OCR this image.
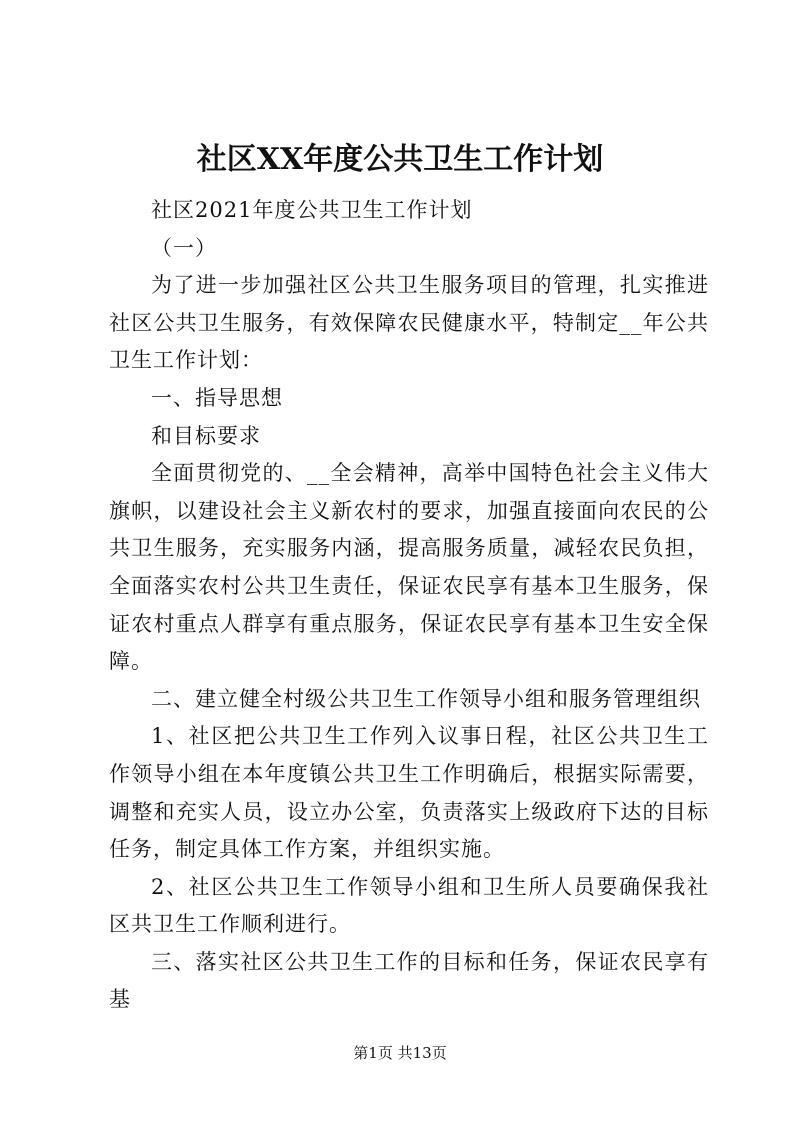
社区XX年度公共卫生工作计划

社区2021年度公共卫生工作计划

（一）

为了进一步加强社区公共卫生服务项目的管理，扎实推进社区公共卫生服务，有效保障农民健康水平，特制定__年公共卫生工作计划：

一、指导思想

和目标要求

全面贯彻党的、__全会精神，高举中国特色社会主义伟大旗帜，以建设社会主义新农村的要求，加强直接面向农民的公共卫生服务，充实服务内涵，提高服务质量，减轻农民负担，全面落实农村公共卫生责任，保证农民享有基本卫生服务，保证农村重点人群享有重点服务，保证农民享有基本卫生安全保障。

二、建立健全村级公共卫生工作领导小组和服务管理组织

1、社区把公共卫生工作列入议事日程，社区公共卫生工作领导小组在本年度镇公共卫生工作明确后，根据实际需要，调整和充实人员，设立办公室，负责落实上级政府下达的目标任务，制定具体工作方案，并组织实施。

2、社区公共卫生工作领导小组和卫生所人员要确保我社区共卫生工作顺利进行。

三、落实社区公共卫生工作的目标和任务，保证农民享有基

第1页 共13页
